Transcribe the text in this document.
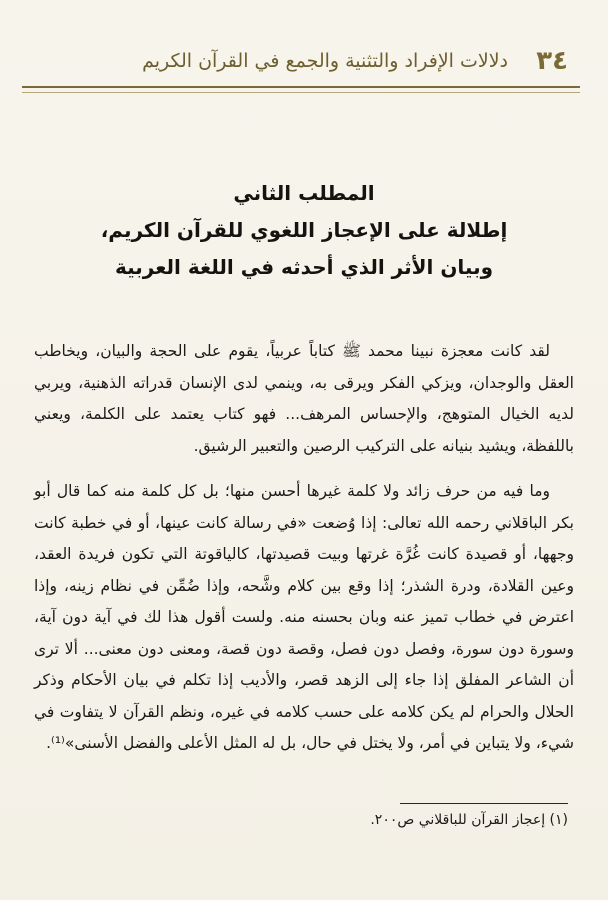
٣٤
دلالات الإفراد والتثنية والجمع في القرآن الكريم
المطلب الثاني
إطلالة على الإعجاز اللغوي للقرآن الكريم،
وبيان الأثر الذي أحدثه في اللغة العربية

لقد كانت معجزة نبينا محمد ﷺ كتاباً عربياً، يقوم على الحجة والبيان، ويخاطب العقل والوجدان، ويزكي الفكر ويرقى به، وينمي لدى الإنسان قدراته الذهنية، ويربي لديه الخيال المتوهج، والإحساس المرهف... فهو كتاب يعتمد على الكلمة، ويعني باللفظة، ويشيد بنيانه على التركيب الرصين والتعبير الرشيق.

وما فيه من حرف زائد ولا كلمة غيرها أحسن منها؛ بل كل كلمة منه كما قال أبو بكر الباقلاني رحمه الله تعالى: إذا وُضعت «في رسالة كانت عينها، أو في خطبة كانت وجهها، أو قصيدة كانت غُرَّة غرتها وبيت قصيدتها، كالياقوتة التي تكون فريدة العقد، وعين القلادة، ودرة الشذر؛ إذا وقع بين كلام وشَّحه، وإذا ضُمِّن في نظام زينه، وإذا اعترض في خطاب تميز عنه وبان بحسنه منه. ولست أقول هذا لك في آية دون آية، وسورة دون سورة، وفصل دون فصل، وقصة دون قصة، ومعنى دون معنى... ألا ترى أن الشاعر المفلق إذا جاء إلى الزهد قصر، والأديب إذا تكلم في بيان الأحكام وذكر الحلال والحرام لم يكن كلامه على حسب كلامه في غيره، ونظم القرآن لا يتفاوت في شيء، ولا يتباين في أمر، ولا يختل في حال، بل له المثل الأعلى والفضل الأسنى»⁽¹⁾.

(١) إعجاز القرآن للباقلاني ص٢٠٠.
